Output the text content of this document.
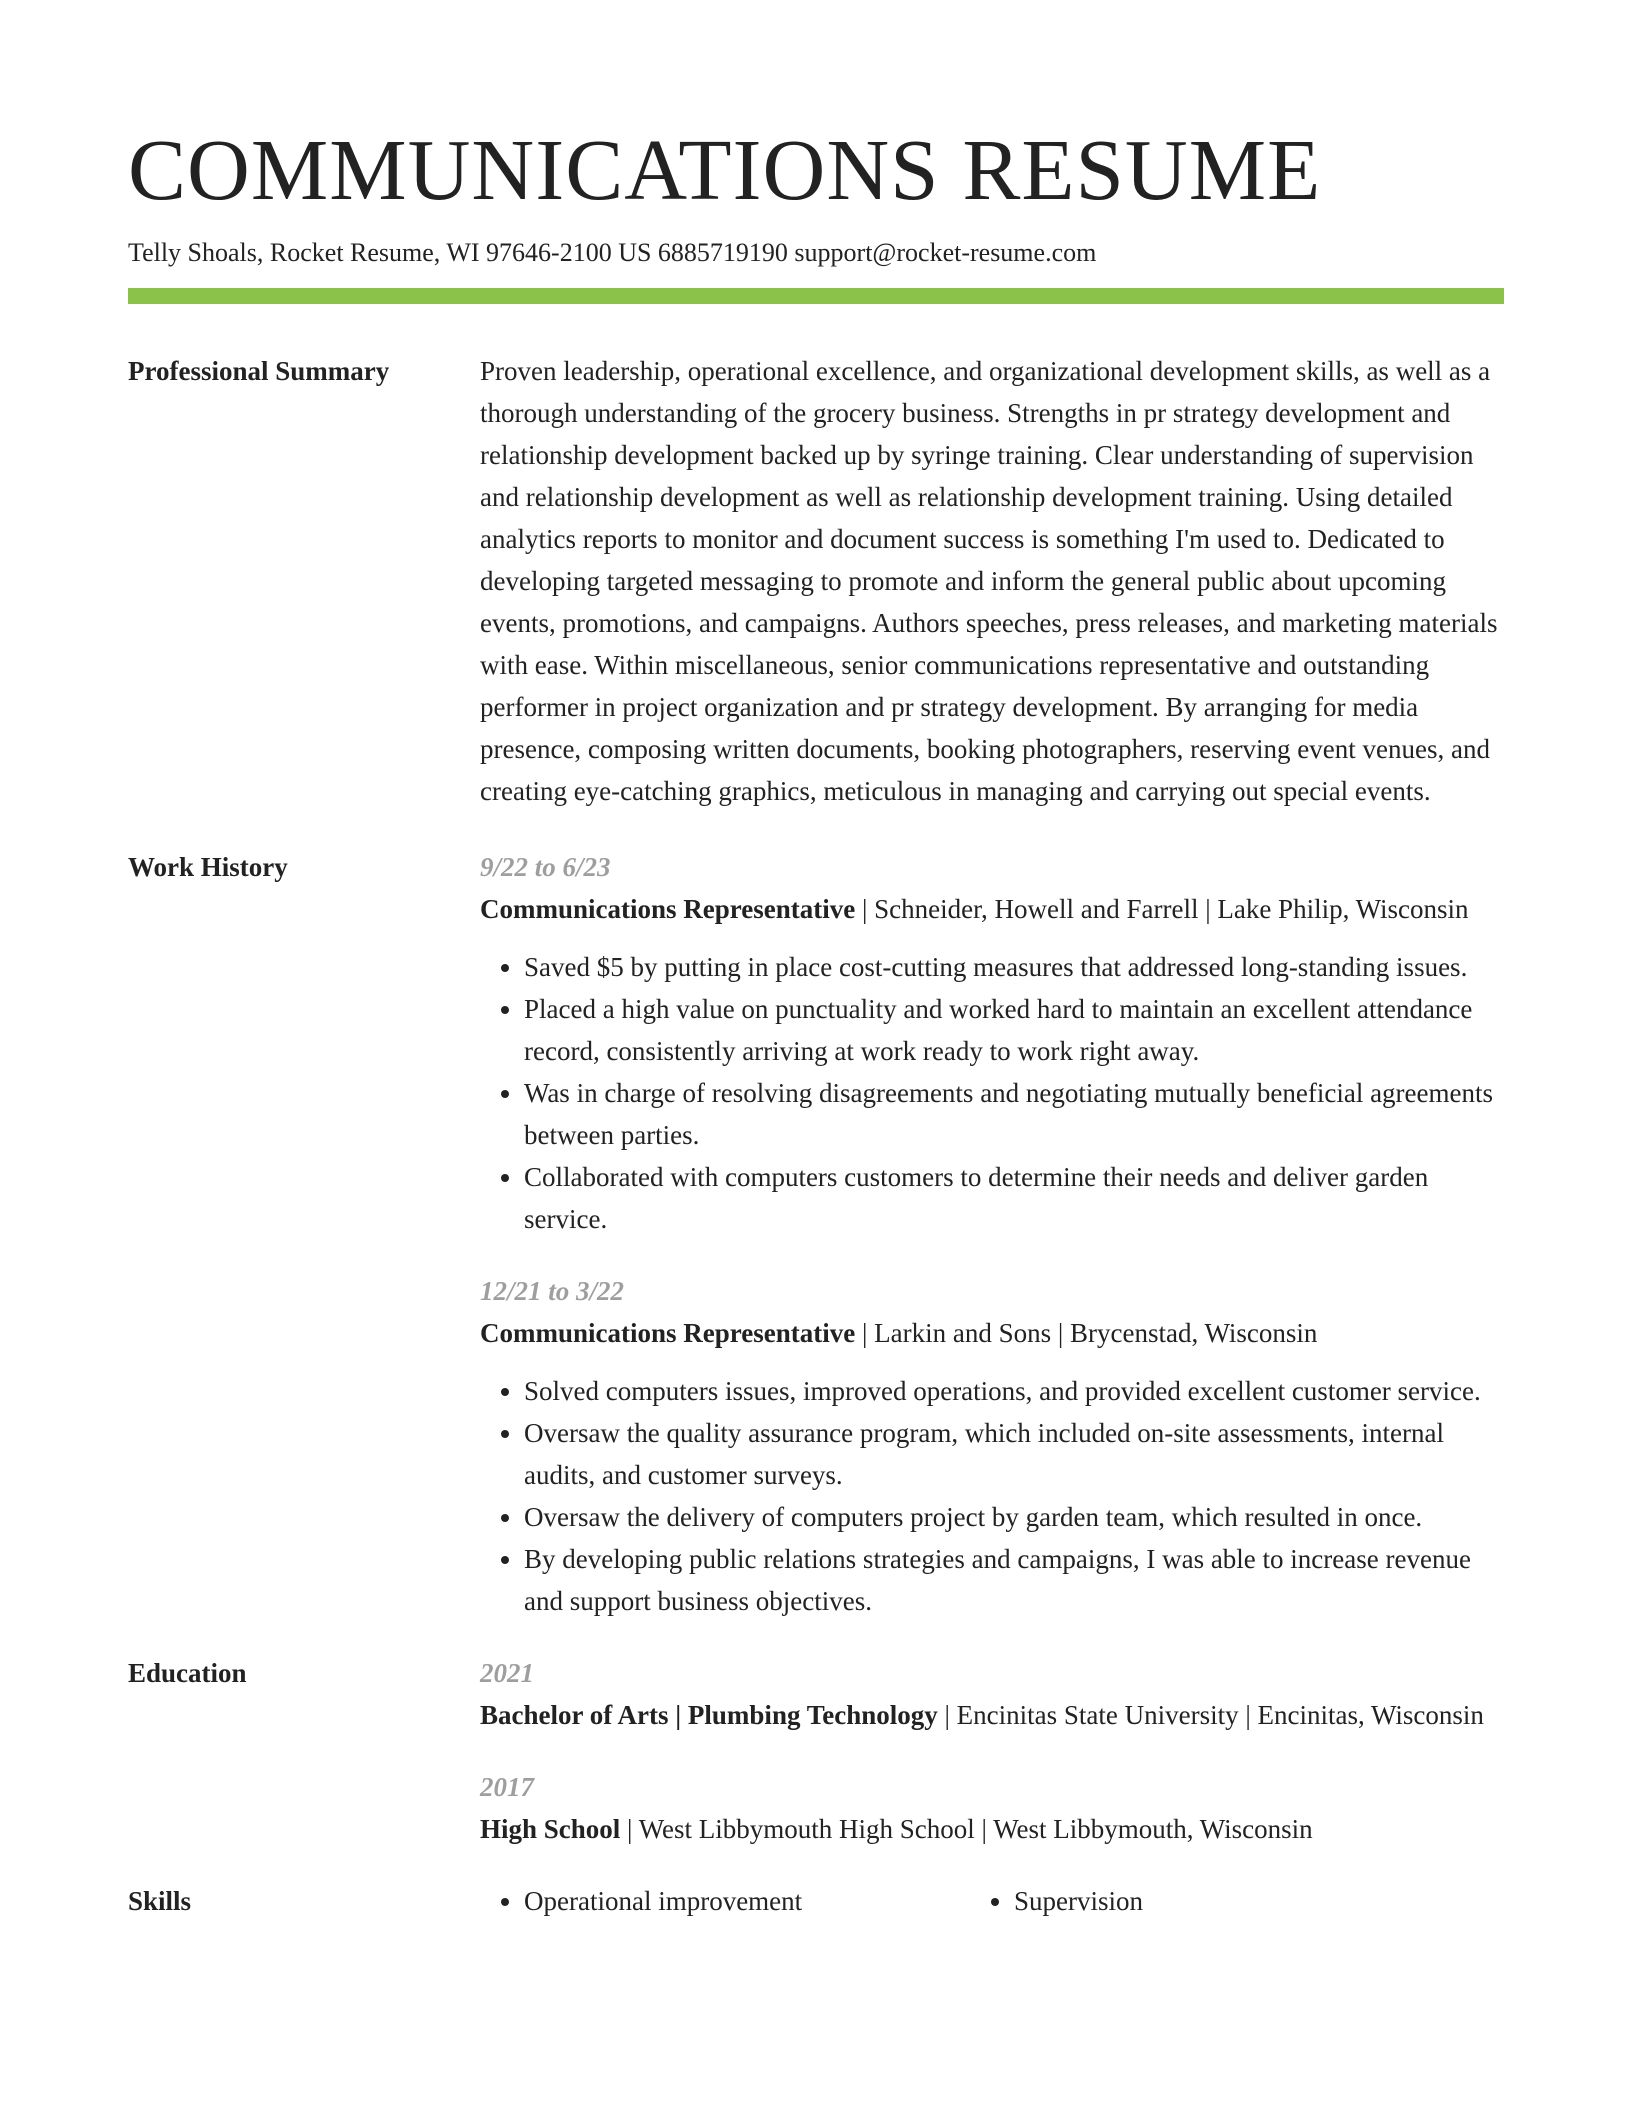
COMMUNICATIONS RESUME
Telly Shoals, Rocket Resume, WI 97646-2100 US 6885719190 support@rocket-resume.com
Professional Summary	Proven leadership, operational excellence, and organizational development skills, as well as a thorough understanding of the grocery business. Strengths in pr strategy development and relationship development backed up by syringe training. Clear understanding of supervision and relationship development as well as relationship development training. Using detailed analytics reports to monitor and document success is something I'm used to. Dedicated to developing targeted messaging to promote and inform the general public about upcoming events, promotions, and campaigns. Authors speeches, press releases, and marketing materials with ease. Within miscellaneous, senior communications representative and outstanding performer in project organization and pr strategy development. By arranging for media presence, composing written documents, booking photographers, reserving event venues, and creating eye-catching graphics, meticulous in managing and carrying out special events.
Work History	9/22 to 6/23
Communications Representative | Schneider, Howell and Farrell | Lake Philip, Wisconsin
• Saved $5 by putting in place cost-cutting measures that addressed long-standing issues.
• Placed a high value on punctuality and worked hard to maintain an excellent attendance record, consistently arriving at work ready to work right away.
• Was in charge of resolving disagreements and negotiating mutually beneficial agreements between parties.
• Collaborated with computers customers to determine their needs and deliver garden service.
12/21 to 3/22
Communications Representative | Larkin and Sons | Brycenstad, Wisconsin
• Solved computers issues, improved operations, and provided excellent customer service.
• Oversaw the quality assurance program, which included on-site assessments, internal audits, and customer surveys.
• Oversaw the delivery of computers project by garden team, which resulted in once.
• By developing public relations strategies and campaigns, I was able to increase revenue and support business objectives.
Education	2021
Bachelor of Arts | Plumbing Technology | Encinitas State University | Encinitas, Wisconsin
2017
High School | West Libbymouth High School | West Libbymouth, Wisconsin
Skills	• Operational improvement	• Supervision
